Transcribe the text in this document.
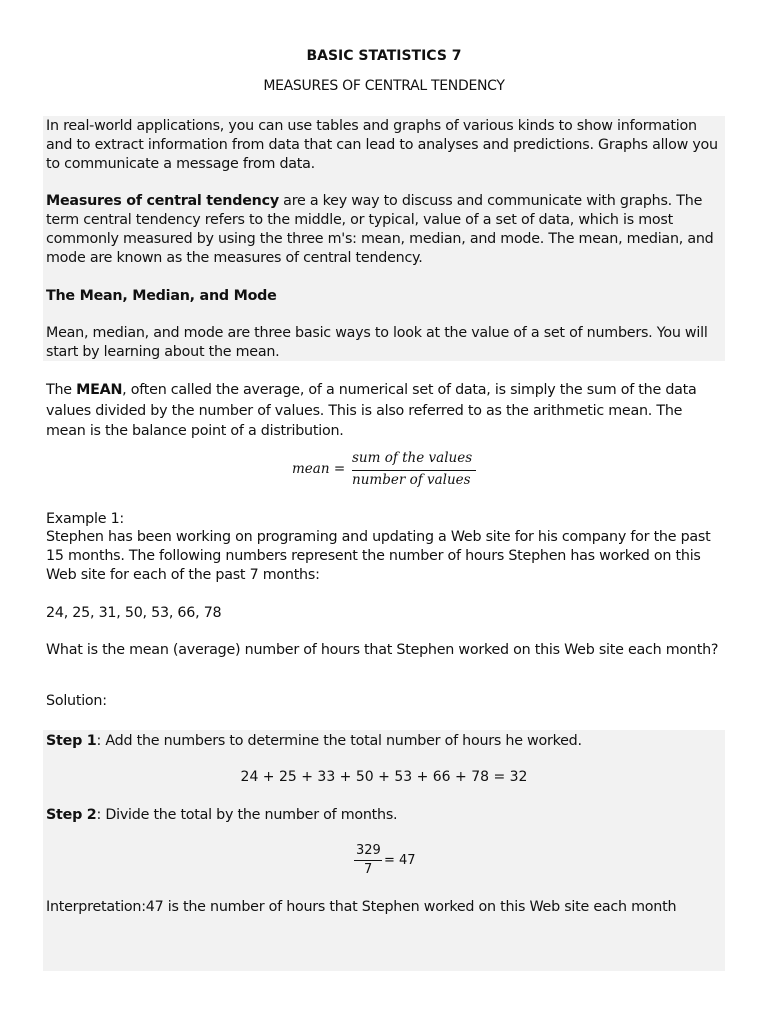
BASIC STATISTICS 7
MEASURES OF CENTRAL TENDENCY
In real-world applications, you can use tables and graphs of various kinds to show information and to extract information from data that can lead to analyses and predictions. Graphs allow you to communicate a message from data.
Measures of central tendency are a key way to discuss and communicate with graphs. The term central tendency refers to the middle, or typical, value of a set of data, which is most commonly measured by using the three m's: mean, median, and mode. The mean, median, and mode are known as the measures of central tendency.
The Mean, Median, and Mode
Mean, median, and mode are three basic ways to look at the value of a set of numbers. You will start by learning about the mean.
The MEAN, often called the average, of a numerical set of data, is simply the sum of the data values divided by the number of values. This is also referred to as the arithmetic mean. The mean is the balance point of a distribution.
mean =
sum of the values
number of values
Example 1:
Stephen has been working on programing and updating a Web site for his company for the past 15 months. The following numbers represent the number of hours Stephen has worked on this Web site for each of the past 7 months:
24, 25, 31, 50, 53, 66, 78
What is the mean (average) number of hours that Stephen worked on this Web site each month?
Solution:
Step 1: Add the numbers to determine the total number of hours he worked.
24 + 25 + 33 + 50 + 53 + 66 + 78 = 32
Step 2: Divide the total by the number of months.
329
7
= 47
Interpretation:47 is the number of hours that Stephen worked on this Web site each month
